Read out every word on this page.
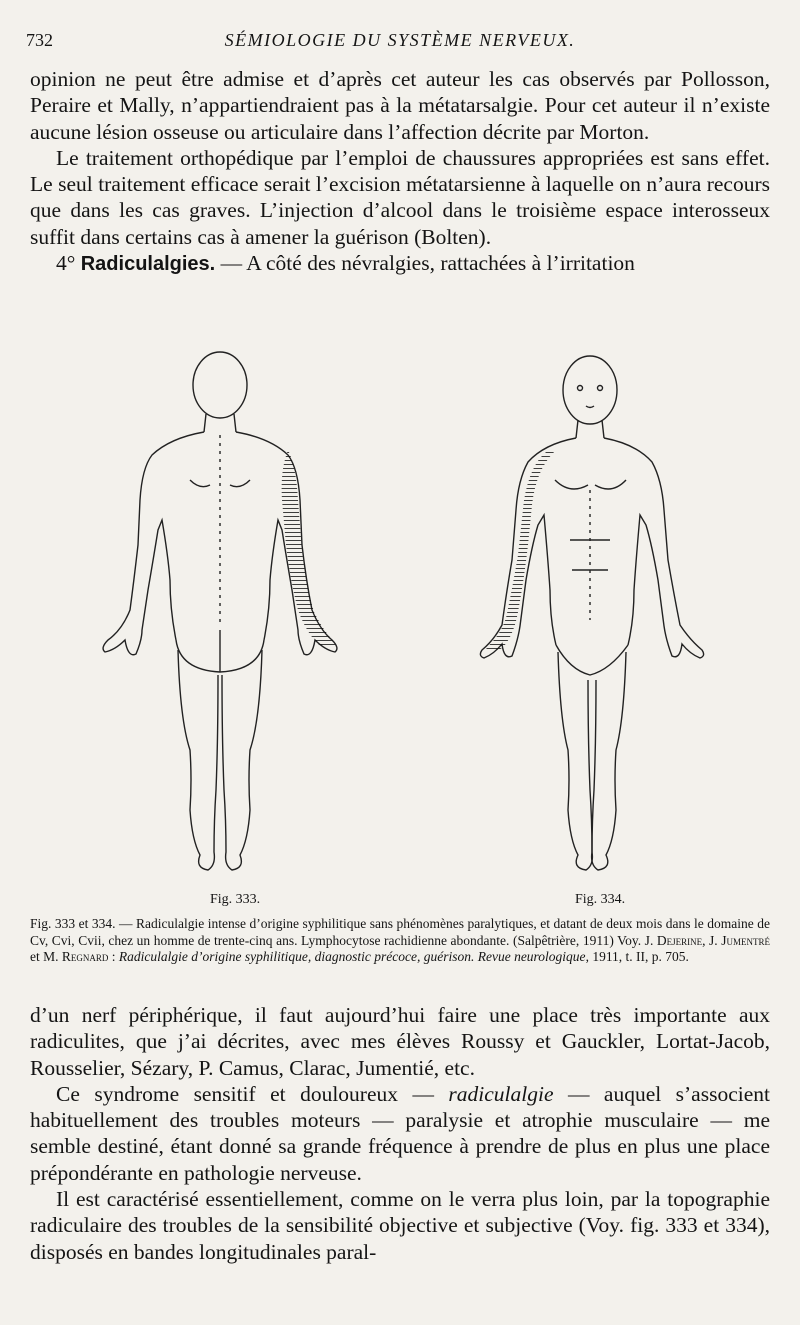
732	SÉMIOLOGIE DU SYSTÈME NERVEUX.

opinion ne peut être admise et d’après cet auteur les cas observés par Pollosson, Peraire et Mally, n’appartiendraient pas à la métatarsalgie. Pour cet auteur il n’existe aucune lésion osseuse ou articulaire dans l’affection décrite par Morton.

Le traitement orthopédique par l’emploi de chaussures appropriées est sans effet. Le seul traitement efficace serait l’excision métatarsienne à laquelle on n’aura recours que dans les cas graves. L’injection d’alcool dans le troisième espace interosseux suffit dans certains cas à amener la guérison (Bolten).

4° Radiculalgies. — A côté des névralgies, rattachées à l’irritation

Fig. 333.	Fig. 334.
Fig. 333 et 334. — Radiculalgie intense d’origine syphilitique sans phénomènes paralytiques, et datant de deux mois dans le domaine de Cv, Cvi, Cvii, chez un homme de trente-cinq ans. Lymphocytose rachidienne abondante. (Salpêtrière, 1911) Voy. J. Dejerine, J. Jumentré et M. Regnard : Radiculalgie d’origine syphilitique, diagnostic précoce, guérison. Revue neurologique, 1911, t. II, p. 705.

d’un nerf périphérique, il faut aujourd’hui faire une place très importante aux radiculites, que j’ai décrites, avec mes élèves Roussy et Gauckler, Lortat-Jacob, Rousselier, Sézary, P. Camus, Clarac, Jumentié, etc.

Ce syndrome sensitif et douloureux — radiculalgie — auquel s’associent habituellement des troubles moteurs — paralysie et atrophie musculaire — me semble destiné, étant donné sa grande fréquence à prendre de plus en plus une place prépondérante en pathologie nerveuse.

Il est caractérisé essentiellement, comme on le verra plus loin, par la topographie radiculaire des troubles de la sensibilité objective et subjective (Voy. fig. 333 et 334), disposés en bandes longitudinales paral-
